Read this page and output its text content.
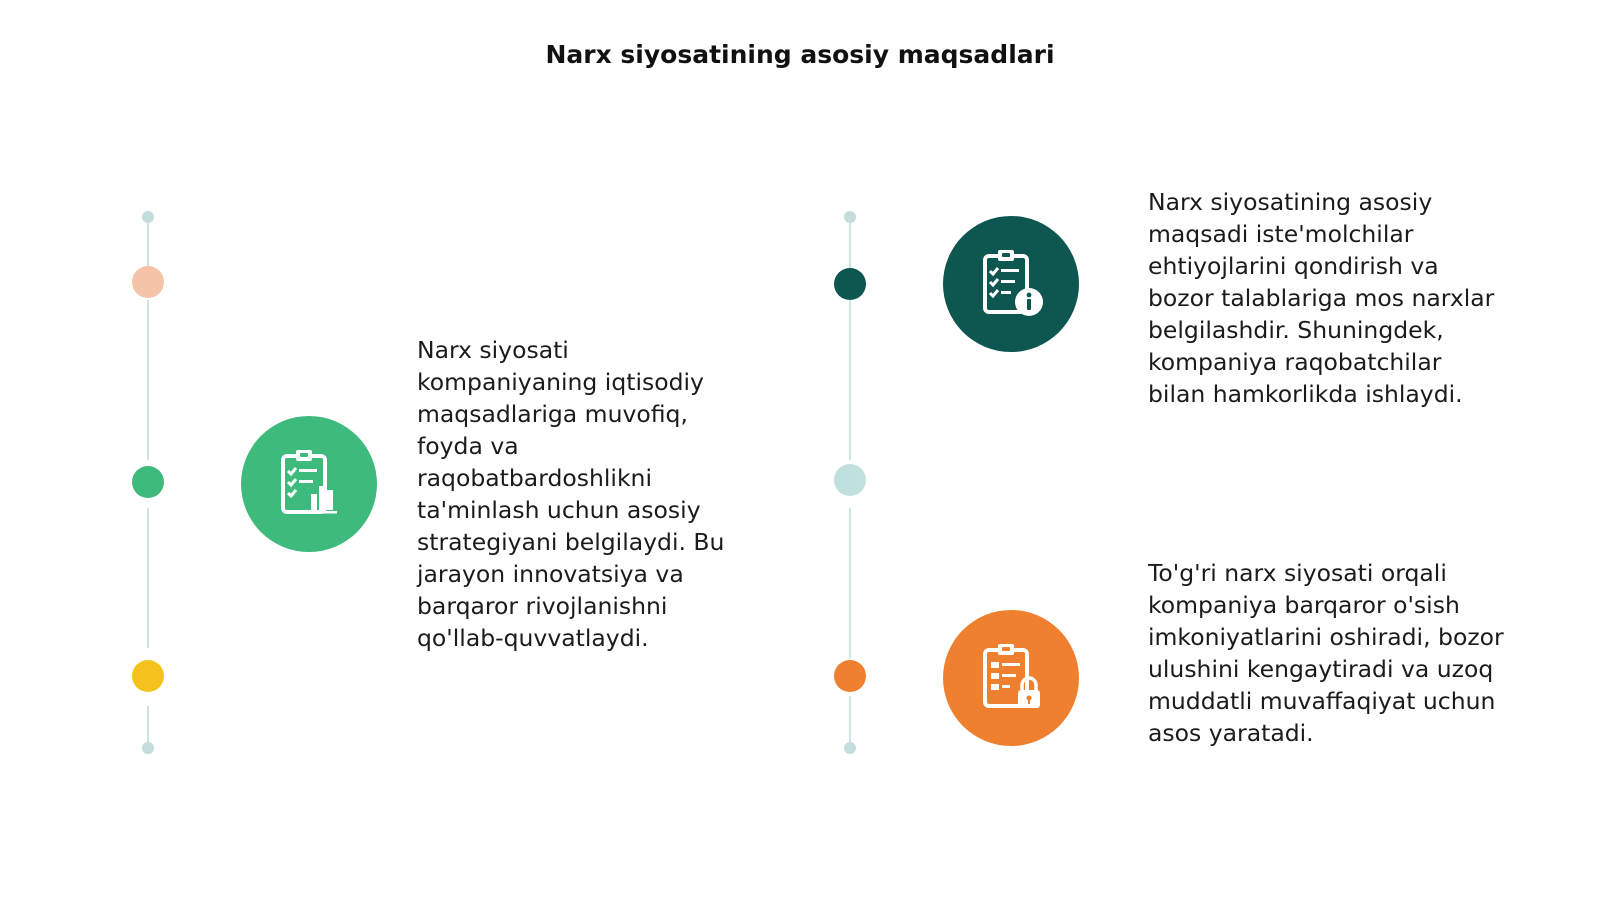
Narx siyosatining asosiy maqsadlari
Narx siyosati kompaniyaning iqtisodiy maqsadlariga muvofiq, foyda va raqobatbardoshlikni ta'minlash uchun asosiy strategiyani belgilaydi. Bu jarayon innovatsiya va barqaror rivojlanishni qo'llab-quvvatlaydi.
Narx siyosatining asosiy maqsadi iste'molchilar ehtiyojlarini qondirish va bozor talablariga mos narxlar belgilashdir. Shuningdek, kompaniya raqobatchilar bilan hamkorlikda ishlaydi.
To'g'ri narx siyosati orqali kompaniya barqaror o'sish imkoniyatlarini oshiradi, bozor ulushini kengaytiradi va uzoq muddatli muvaffaqiyat uchun asos yaratadi.
